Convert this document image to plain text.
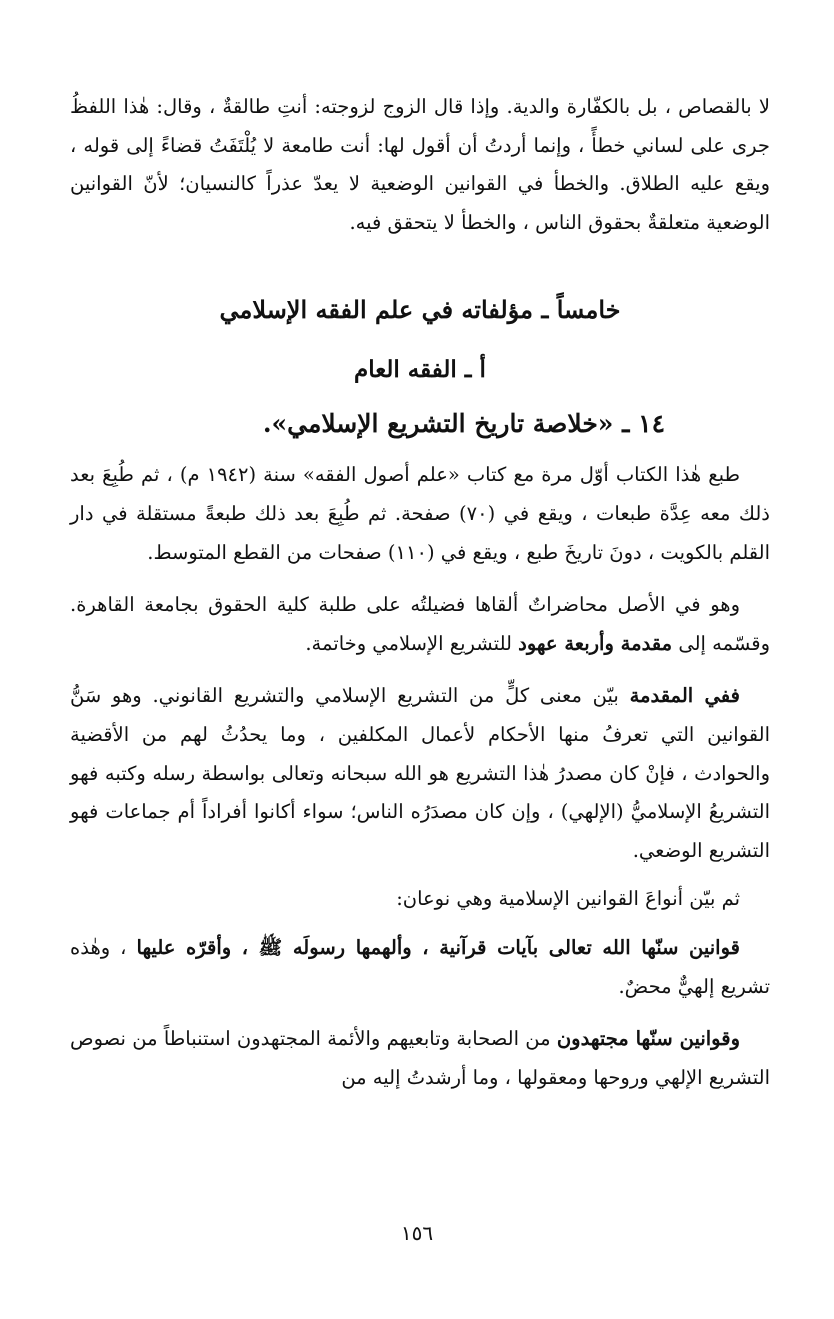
لا بالقصاص ، بل بالكفّارة والدية. وإذا قال الزوج لزوجته: أنتِ طالقةٌ ، وقال: هٰذا اللفظُ جرى على لساني خطأً ، وإنما أردتُ أن أقول لها: أنت طامعة لا يُلْتَفَتُ قضاءً إلى قوله ، ويقع عليه الطلاق. والخطأ في القوانين الوضعية لا يعدّ عذراً كالنسيان؛ لأنّ القوانين الوضعية متعلقةٌ بحقوق الناس ، والخطأ لا يتحقق فيه.

خامساً ـ مؤلفاته في علم الفقه الإسلامي
أ ـ الفقه العام
١٤ ـ «خلاصة تاريخ التشريع الإسلامي».

طبع هٰذا الكتاب أوّل مرة مع كتاب «علم أصول الفقه» سنة (١٩٤٢ م) ، ثم طُبِعَ بعد ذلك معه عِدَّة طبعات ، ويقع في (٧٠) صفحة. ثم طُبِعَ بعد ذلك طبعةً مستقلة في دار القلم بالكويت ، دونَ تاريخَ طبع ، ويقع في (١١٠) صفحات من القطع المتوسط.

وهو في الأصل محاضراتٌ ألقاها فضيلتُه على طلبة كلية الحقوق بجامعة القاهرة. وقسّمه إلى مقدمة وأربعة عهود للتشريع الإسلامي وخاتمة.

ففي المقدمة بيّن معنى كلٍّ من التشريع الإسلامي والتشريع القانوني. وهو سَنُّ القوانين التي تعرفُ منها الأحكام لأعمال المكلفين ، وما يحدُثُ لهم من الأقضية والحوادث ، فإنْ كان مصدرُ هٰذا التشريع هو الله سبحانه وتعالى بواسطة رسله وكتبه فهو التشريعُ الإسلاميُّ (الإلهي) ، وإن كان مصدَرُه الناس؛ سواء أكانوا أفراداً أم جماعات فهو التشريع الوضعي.

ثم بيّن أنواعَ القوانين الإسلامية وهي نوعان:

قوانين سنّها الله تعالى بآيات قرآنية ، وألهمها رسولَه ﷺ ، وأقرّه عليها ، وهٰذه تشريع إلهيٌّ محضٌ.

وقوانين سنّها مجتهدون من الصحابة وتابعيهم والأئمة المجتهدون استنباطاً من نصوص التشريع الإلهي وروحها ومعقولها ، وما أرشدتُ إليه من

١٥٦
